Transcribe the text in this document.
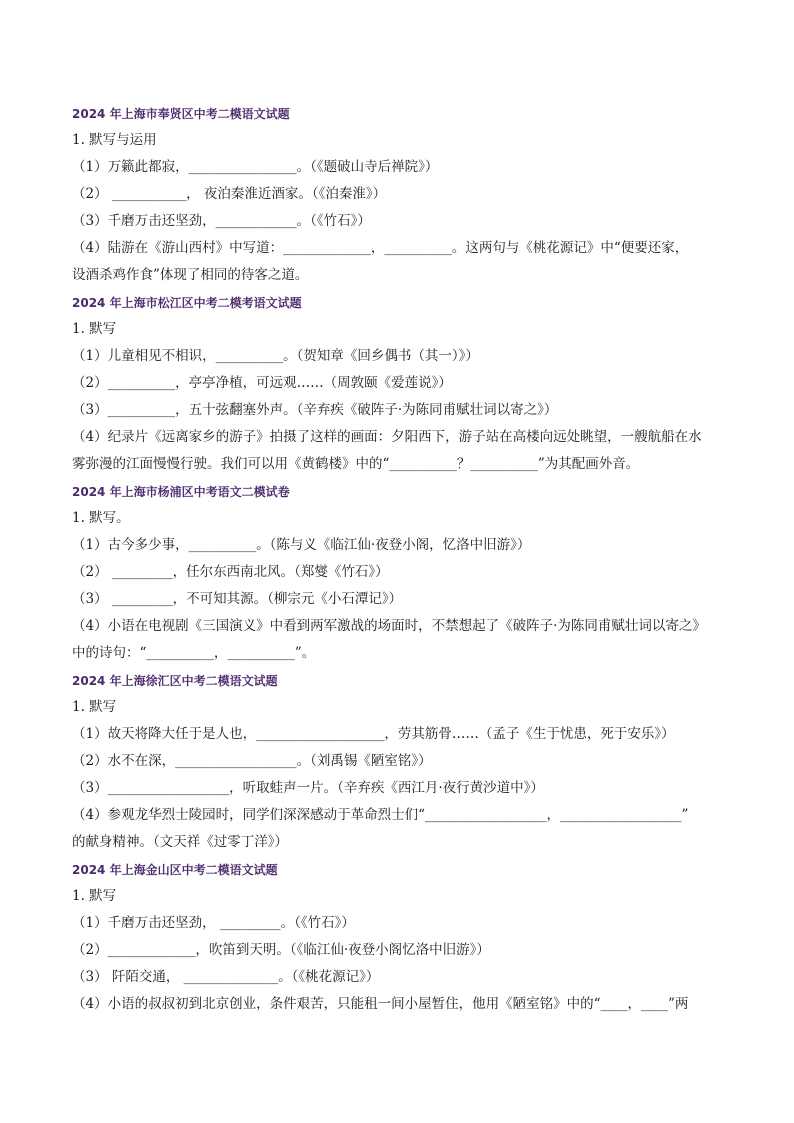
2024 年上海市奉贤区中考二模语文试题
1. 默写与运用
（1）万籁此都寂，________________。（《题破山寺后禅院》）
（2） ___________， 夜泊秦淮近酒家。（《泊秦淮》）
（3）千磨万击还坚劲，____________。（《竹石》）
（4）陆游在《游山西村》中写道：_____________，__________。这两句与《桃花源记》中“便要还家，
设酒杀鸡作食”体现了相同的待客之道。
2024 年上海市松江区中考二模考语文试题
1. 默写
（1）儿童相见不相识，__________。（贺知章《回乡偶书（其一）》）
（2）__________，亭亭净植，可远观……（周敦颐《爱莲说》）
（3）__________，五十弦翻塞外声。（辛弃疾《破阵子·为陈同甫赋壮词以寄之》）
（4）纪录片《远离家乡的游子》拍摄了这样的画面：夕阳西下，游子站在高楼向远处眺望，一艘航船在水
雾弥漫的江面慢慢行驶。我们可以用《黄鹤楼》中的“__________？__________”为其配画外音。
2024 年上海市杨浦区中考语文二模试卷
1. 默写。
（1）古今多少事，__________。（陈与义《临江仙·夜登小阁，忆洛中旧游》）
（2） _________，任尔东西南北风。（郑燮《竹石》）
（3） _________，不可知其源。（柳宗元《小石潭记》）
（4）小语在电视剧《三国演义》中看到两军激战的场面时，不禁想起了《破阵子·为陈同甫赋壮词以寄之》
中的诗句：“__________，__________”。
2024 年上海徐汇区中考二模语文试题
1. 默写
（1）故天将降大任于是人也，___________________，劳其筋骨……（孟子《生于忧患，死于安乐》）
（2）水不在深，__________________。（刘禹锡《陋室铭》）
（3）__________________，听取蛙声一片。（辛弃疾《西江月·夜行黄沙道中》）
（4）参观龙华烈士陵园时，同学们深深感动于革命烈士们“__________________，__________________”
的献身精神。（文天祥《过零丁洋》）
2024 年上海金山区中考二模语文试题
1. 默写
（1）千磨万击还坚劲， _________。（《竹石》）
（2）_____________，吹笛到天明。（《临江仙·夜登小阁忆洛中旧游》）
（3） 阡陌交通， ______________。（《桃花源记》）
（4）小语的叔叔初到北京创业，条件艰苦，只能租一间小屋暂住，他用《陋室铭》中的“____，____”两
